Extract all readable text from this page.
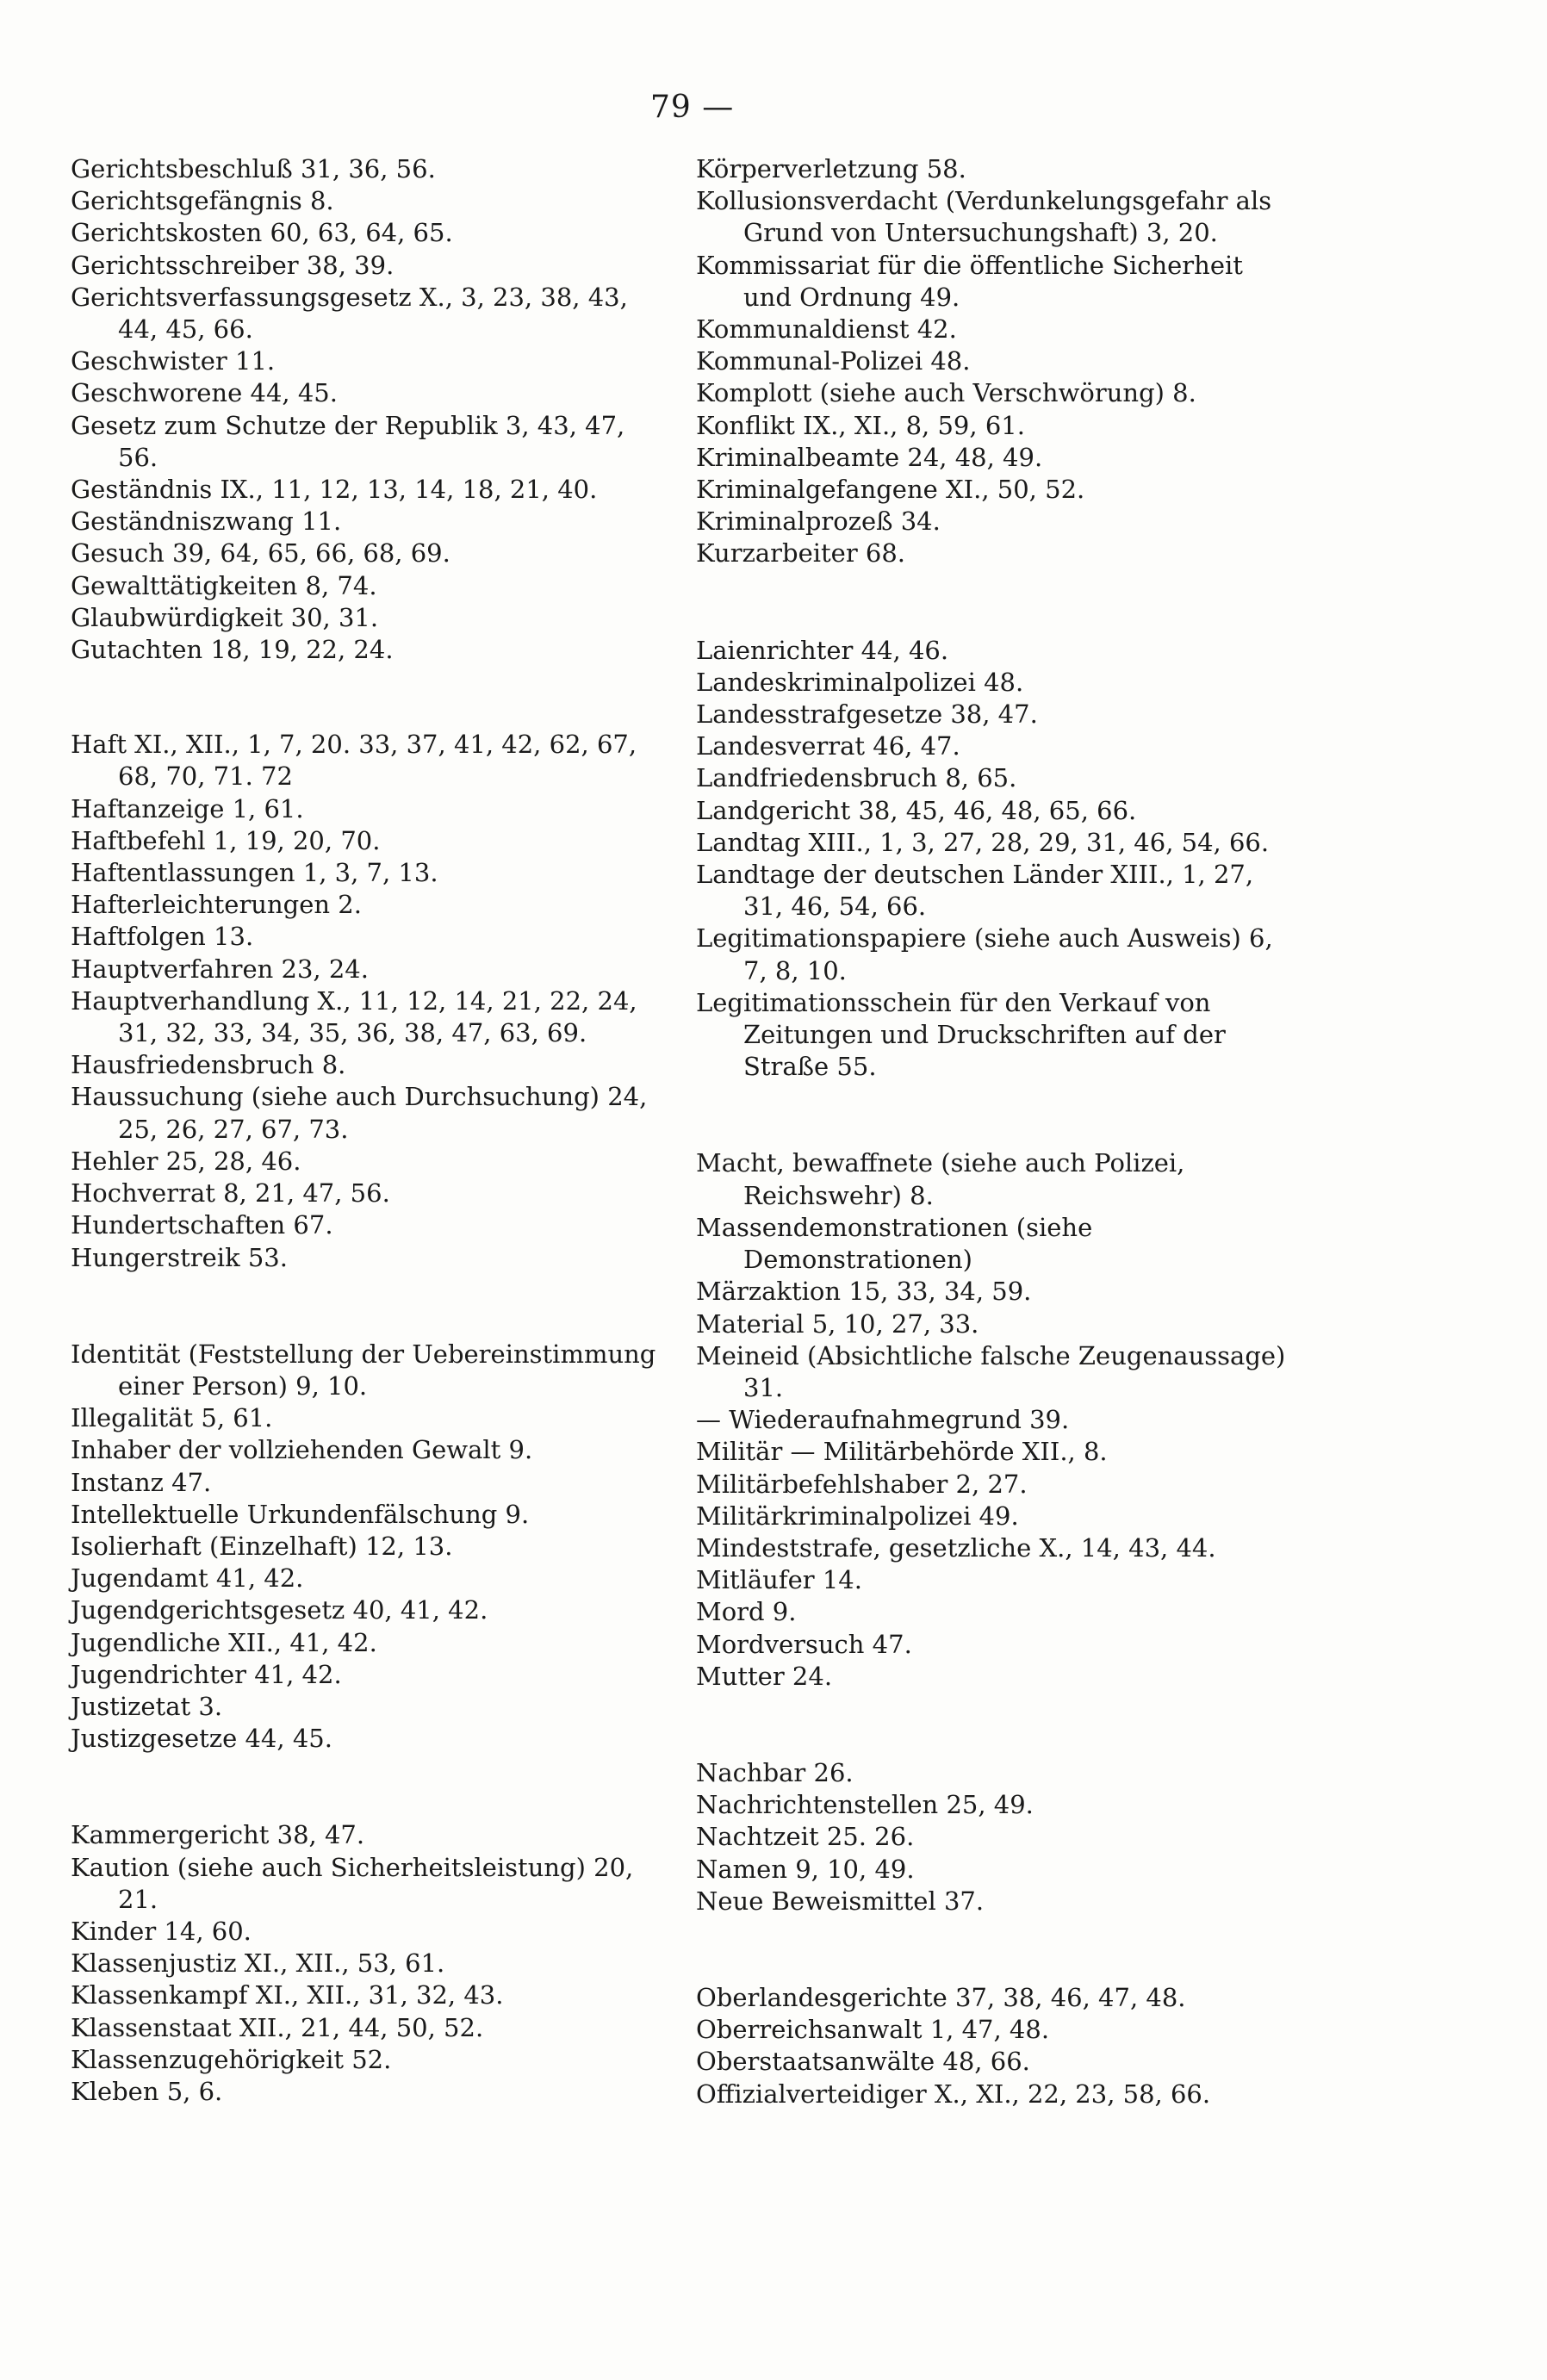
79 —
Gerichtsbeschluß 31, 36, 56.
Gerichtsgefängnis 8.
Gerichtskosten 60, 63, 64, 65.
Gerichtsschreiber 38, 39.
Gerichtsverfassungsgesetz X., 3, 23, 38, 43, 44, 45, 66.
Geschwister 11.
Geschworene 44, 45.
Gesetz zum Schutze der Republik 3, 43, 47, 56.
Geständnis IX., 11, 12, 13, 14, 18, 21, 40.
Geständniszwang 11.
Gesuch 39, 64, 65, 66, 68, 69.
Gewalttätigkeiten 8, 74.
Glaubwürdigkeit 30, 31.
Gutachten 18, 19, 22, 24.
Haft XI., XII., 1, 7, 20. 33, 37, 41, 42, 62, 67, 68, 70, 71. 72
Haftanzeige 1, 61.
Haftbefehl 1, 19, 20, 70.
Haftentlassungen 1, 3, 7, 13.
Hafterleichterungen 2.
Haftfolgen 13.
Hauptverfahren 23, 24.
Hauptverhandlung X., 11, 12, 14, 21, 22, 24, 31, 32, 33, 34, 35, 36, 38, 47, 63, 69.
Hausfriedensbruch 8.
Haussuchung (siehe auch Durchsuchung) 24, 25, 26, 27, 67, 73.
Hehler 25, 28, 46.
Hochverrat 8, 21, 47, 56.
Hundertschaften 67.
Hungerstreik 53.
Identität (Feststellung der Uebereinstimmung einer Person) 9, 10.
Illegalität 5, 61.
Inhaber der vollziehenden Gewalt 9.
Instanz 47.
Intellektuelle Urkundenfälschung 9.
Isolierhaft (Einzelhaft) 12, 13.
Jugendamt 41, 42.
Jugendgerichtsgesetz 40, 41, 42.
Jugendliche XII., 41, 42.
Jugendrichter 41, 42.
Justizetat 3.
Justizgesetze 44, 45.
Kammergericht 38, 47.
Kaution (siehe auch Sicherheitsleistung) 20, 21.
Kinder 14, 60.
Klassenjustiz XI., XII., 53, 61.
Klassenkampf XI., XII., 31, 32, 43.
Klassenstaat XII., 21, 44, 50, 52.
Klassenzugehörigkeit 52.
Kleben 5, 6.
Körperverletzung 58.
Kollusionsverdacht (Verdunkelungsgefahr als Grund von Untersuchungshaft) 3, 20.
Kommissariat für die öffentliche Sicherheit und Ordnung 49.
Kommunaldienst 42.
Kommunal-Polizei 48.
Komplott (siehe auch Verschwörung) 8.
Konflikt IX., XI., 8, 59, 61.
Kriminalbeamte 24, 48, 49.
Kriminalgefangene XI., 50, 52.
Kriminalprozeß 34.
Kurzarbeiter 68.
Laienrichter 44, 46.
Landeskriminalpolizei 48.
Landesstrafgesetze 38, 47.
Landesverrat 46, 47.
Landfriedensbruch 8, 65.
Landgericht 38, 45, 46, 48, 65, 66.
Landtag XIII., 1, 3, 27, 28, 29, 31, 46, 54, 66.
Landtage der deutschen Länder XIII., 1, 27, 31, 46, 54, 66.
Legitimationspapiere (siehe auch Ausweis) 6, 7, 8, 10.
Legitimationsschein für den Verkauf von Zeitungen und Druckschriften auf der Straße 55.
Macht, bewaffnete (siehe auch Polizei, Reichswehr) 8.
Massendemonstrationen (siehe Demonstrationen)
Märzaktion 15, 33, 34, 59.
Material 5, 10, 27, 33.
Meineid (Absichtliche falsche Zeugenaussage) 31.
— Wiederaufnahmegrund 39.
Militär — Militärbehörde XII., 8.
Militärbefehlshaber 2, 27.
Militärkriminalpolizei 49.
Mindeststrafe, gesetzliche X., 14, 43, 44.
Mitläufer 14.
Mord 9.
Mordversuch 47.
Mutter 24.
Nachbar 26.
Nachrichtenstellen 25, 49.
Nachtzeit 25. 26.
Namen 9, 10, 49.
Neue Beweismittel 37.
Oberlandesgerichte 37, 38, 46, 47, 48.
Oberreichsanwalt 1, 47, 48.
Oberstaatsanwälte 48, 66.
Offizialverteidiger X., XI., 22, 23, 58, 66.
